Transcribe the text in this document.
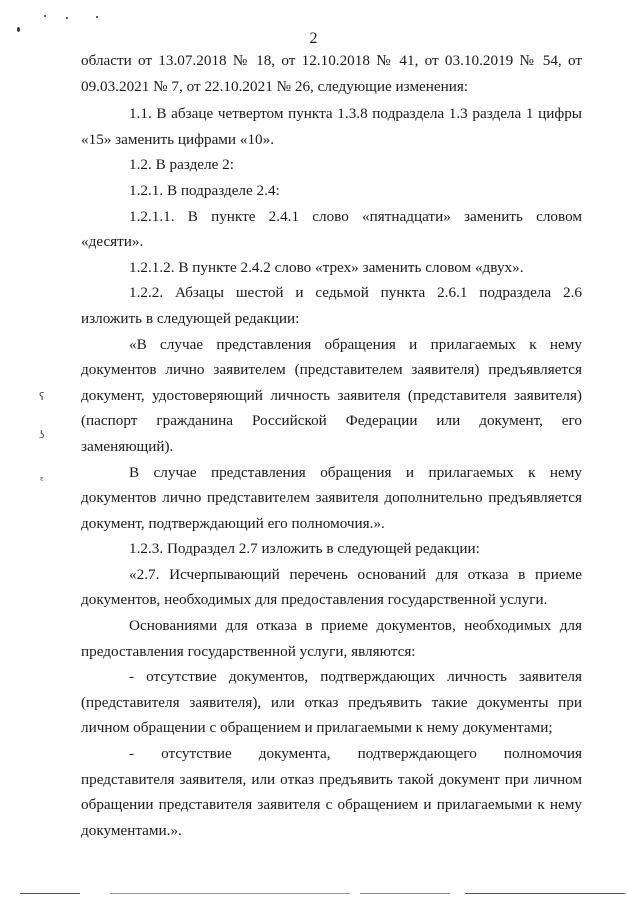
ʕ
ʖ
ᵋ
2

области от 13.07.2018 № 18, от 12.10.2018 № 41, от 03.10.2019 № 54, от 09.03.2021 № 7, от 22.10.2021 № 26, следующие изменения:

1.1. В абзаце четвертом пункта 1.3.8 подраздела 1.3 раздела 1 цифры «15» заменить цифрами «10».

1.2. В разделе 2:

1.2.1. В подразделе 2.4:

1.2.1.1. В пункте 2.4.1 слово «пятнадцати» заменить словом «десяти».

1.2.1.2. В пункте 2.4.2 слово «трех» заменить словом «двух».

1.2.2. Абзацы шестой и седьмой пункта 2.6.1 подраздела 2.6 изложить в следующей редакции:

«В случае представления обращения и прилагаемых к нему документов лично заявителем (представителем заявителя) предъявляется документ, удостоверяющий личность заявителя (представителя заявителя) (паспорт гражданина Российской Федерации или документ, его заменяющий).

В случае представления обращения и прилагаемых к нему документов лично представителем заявителя дополнительно предъявляется документ, подтверждающий его полномочия.».

1.2.3. Подраздел 2.7 изложить в следующей редакции:

«2.7. Исчерпывающий перечень оснований для отказа в приеме документов, необходимых для предоставления государственной услуги.

Основаниями для отказа в приеме документов, необходимых для предоставления государственной услуги, являются:

- отсутствие документов, подтверждающих личность заявителя (представителя заявителя), или отказ предъявить такие документы при личном обращении с обращением и прилагаемыми к нему документами;

- отсутствие документа, подтверждающего полномочия представителя заявителя, или отказ предъявить такой документ при личном обращении представителя заявителя с обращением и прилагаемыми к нему документами.».
